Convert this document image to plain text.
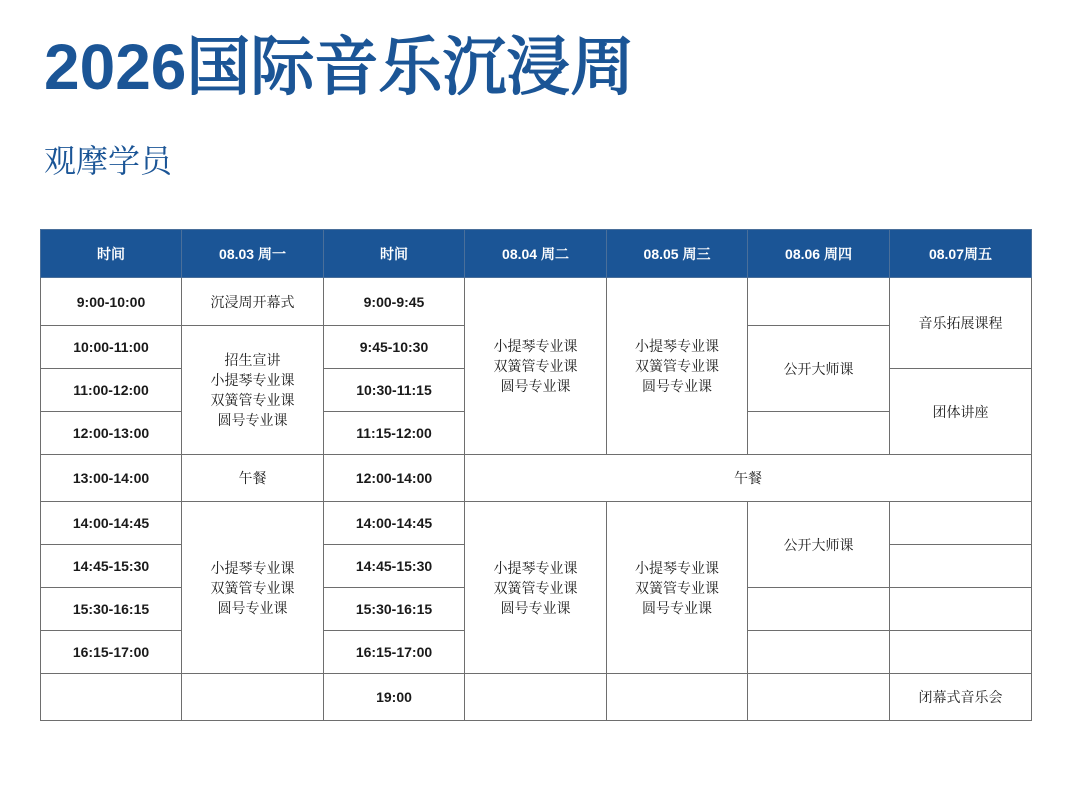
2026国际音乐沉浸周
观摩学员
时间	08.03 周一	时间	08.04 周二	08.05 周三	08.06 周四	08.07周五
9:00-10:00	沉浸周开幕式	9:00-9:45	小提琴专业课
双簧管专业课
圆号专业课	小提琴专业课
双簧管专业课
圆号专业课		音乐拓展课程

10:00-11:00	招生宣讲
小提琴专业课
双簧管专业课
圆号专业课	9:45-10:30			公开大师课	

11:00-12:00		10:30-11:15				团体讲座

12:00-13:00		11:15-12:00				
13:00-14:00	午餐	12:00-14:00	午餐			

14:00-14:45	小提琴专业课
双簧管专业课
圆号专业课	14:00-14:45	小提琴专业课
双簧管专业课
圆号专业课	小提琴专业课
双簧管专业课
圆号专业课	公开大师课	

14:45-15:30		14:45-15:30				
15:30-16:15		15:30-16:15				
16:15-17:00		16:15-17:00				
		19:00				闭幕式音乐会
